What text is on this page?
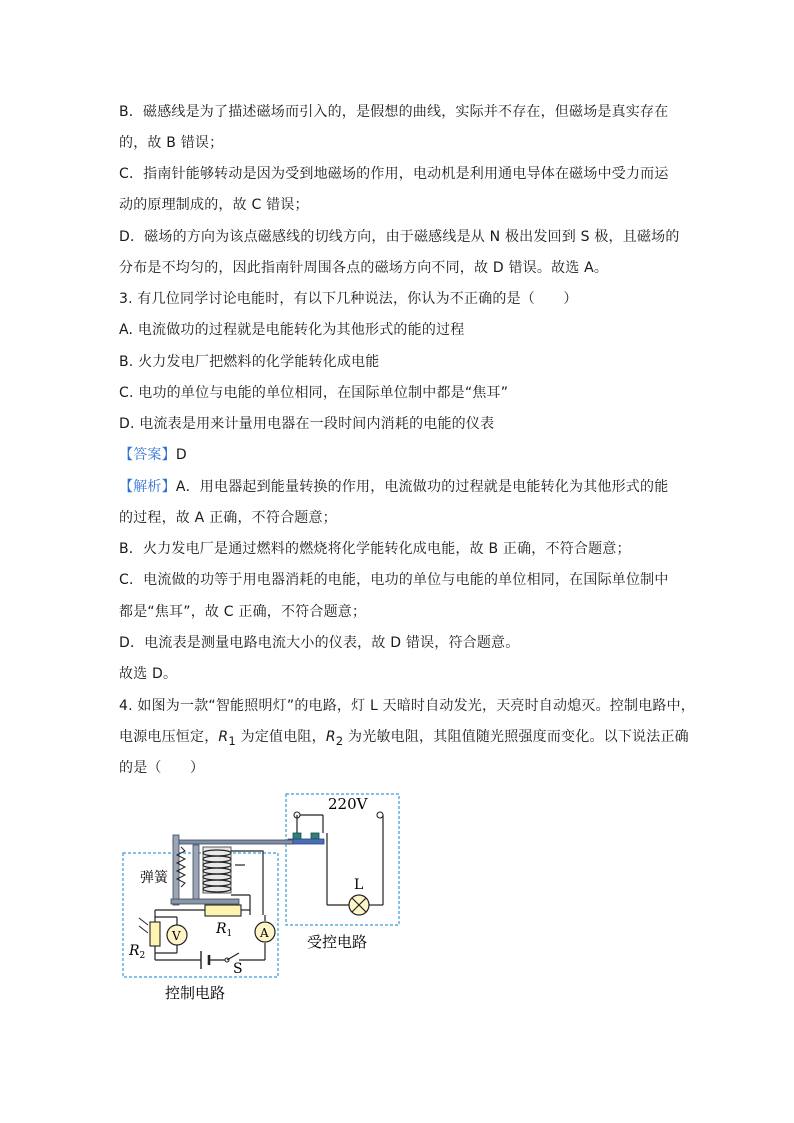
B．磁感线是为了描述磁场而引入的，是假想的曲线，实际并不存在，但磁场是真实存在
的，故 B 错误；
C．指南针能够转动是因为受到地磁场的作用，电动机是利用通电导体在磁场中受力而运
动的原理制成的，故 C 错误；
D．磁场的方向为该点磁感线的切线方向，由于磁感线是从 N 极出发回到 S 极，且磁场的
分布是不均匀的，因此指南针周围各点的磁场方向不同，故 D 错误。故选 A。
3. 有几位同学讨论电能时，有以下几种说法，你认为不正确的是（　　）
A. 电流做功的过程就是电能转化为其他形式的能的过程
B. 火力发电厂把燃料的化学能转化成电能
C. 电功的单位与电能的单位相同，在国际单位制中都是“焦耳”
D. 电流表是用来计量用电器在一段时间内消耗的电能的仪表
【答案】D
【解析】A．用电器起到能量转换的作用，电流做功的过程就是电能转化为其他形式的能
的过程，故 A 正确，不符合题意；
B．火力发电厂是通过燃料的燃烧将化学能转化成电能，故 B 正确，不符合题意；
C．电流做的功等于用电器消耗的电能，电功的单位与电能的单位相同，在国际单位制中
都是“焦耳”，故 C 正确，不符合题意；
D．电流表是测量电路电流大小的仪表，故 D 错误，符合题意。
故选 D。
4. 如图为一款“智能照明灯”的电路，灯 L 天暗时自动发光，天亮时自动熄灭。控制电路中，
电源电压恒定，$R_1$ 为定值电阻，$R_2$ 为光敏电阻，其阻值随光照强度而变化。以下说法正确
的是（　　）
220V
L
弹簧
$R_1$
$R_2$
V	A
S
受控电路
控制电路
